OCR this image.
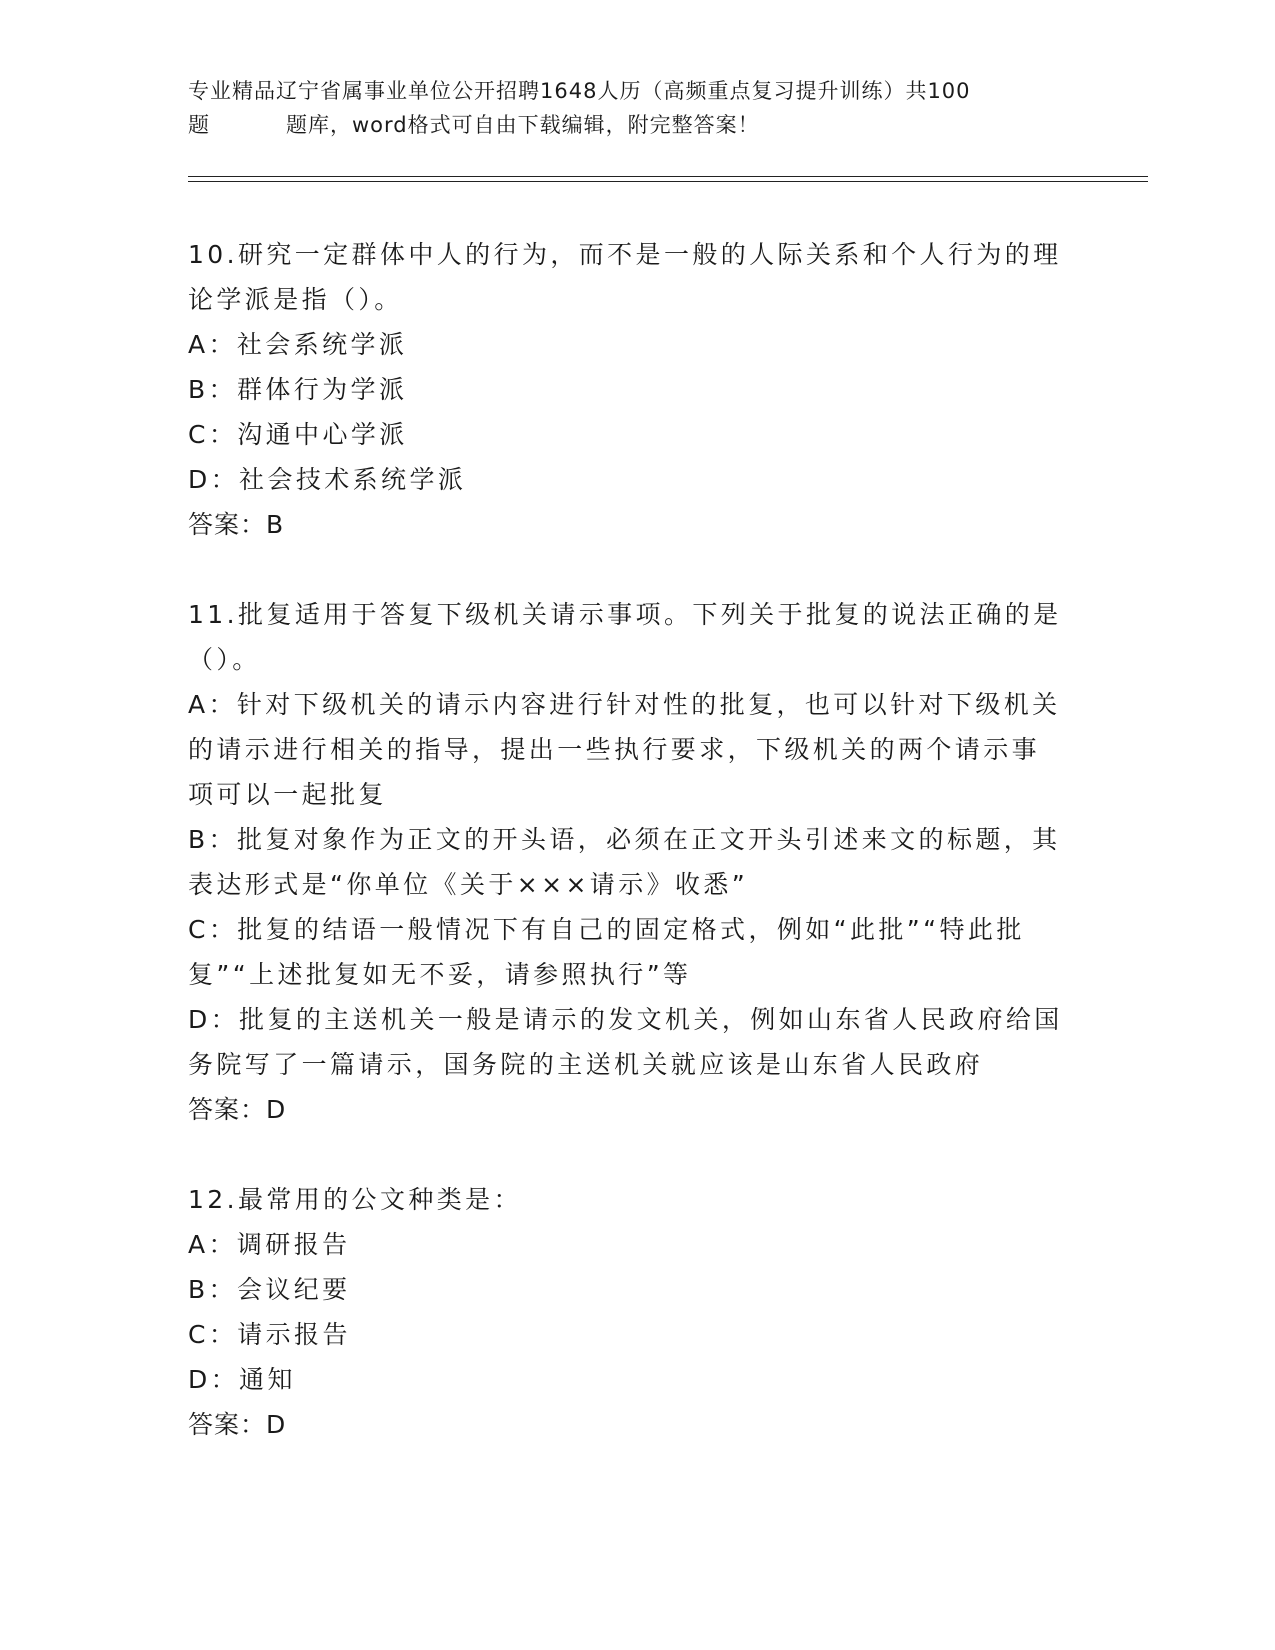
专业精品辽宁省属事业单位公开招聘1648人历（高频重点复习提升训练）共100
题	题库，word格式可自由下载编辑，附完整答案！

10.研究一定群体中人的行为，而不是一般的人际关系和个人行为的理论学派是指（）。

A：社会系统学派

B：群体行为学派

C：沟通中心学派

D：社会技术系统学派

答案：B

11.批复适用于答复下级机关请示事项。下列关于批复的说法正确的是（）。

A：针对下级机关的请示内容进行针对性的批复，也可以针对下级机关的请示进行相关的指导，提出一些执行要求，下级机关的两个请示事项可以一起批复

B：批复对象作为正文的开头语，必须在正文开头引述来文的标题，其表达形式是“你单位《关于×××请示》收悉”

C：批复的结语一般情况下有自己的固定格式，例如“此批”“特此批复”“上述批复如无不妥，请参照执行”等

D：批复的主送机关一般是请示的发文机关，例如山东省人民政府给国务院写了一篇请示，国务院的主送机关就应该是山东省人民政府

答案：D

12.最常用的公文种类是：

A：调研报告

B：会议纪要

C：请示报告

D：通知

答案：D
